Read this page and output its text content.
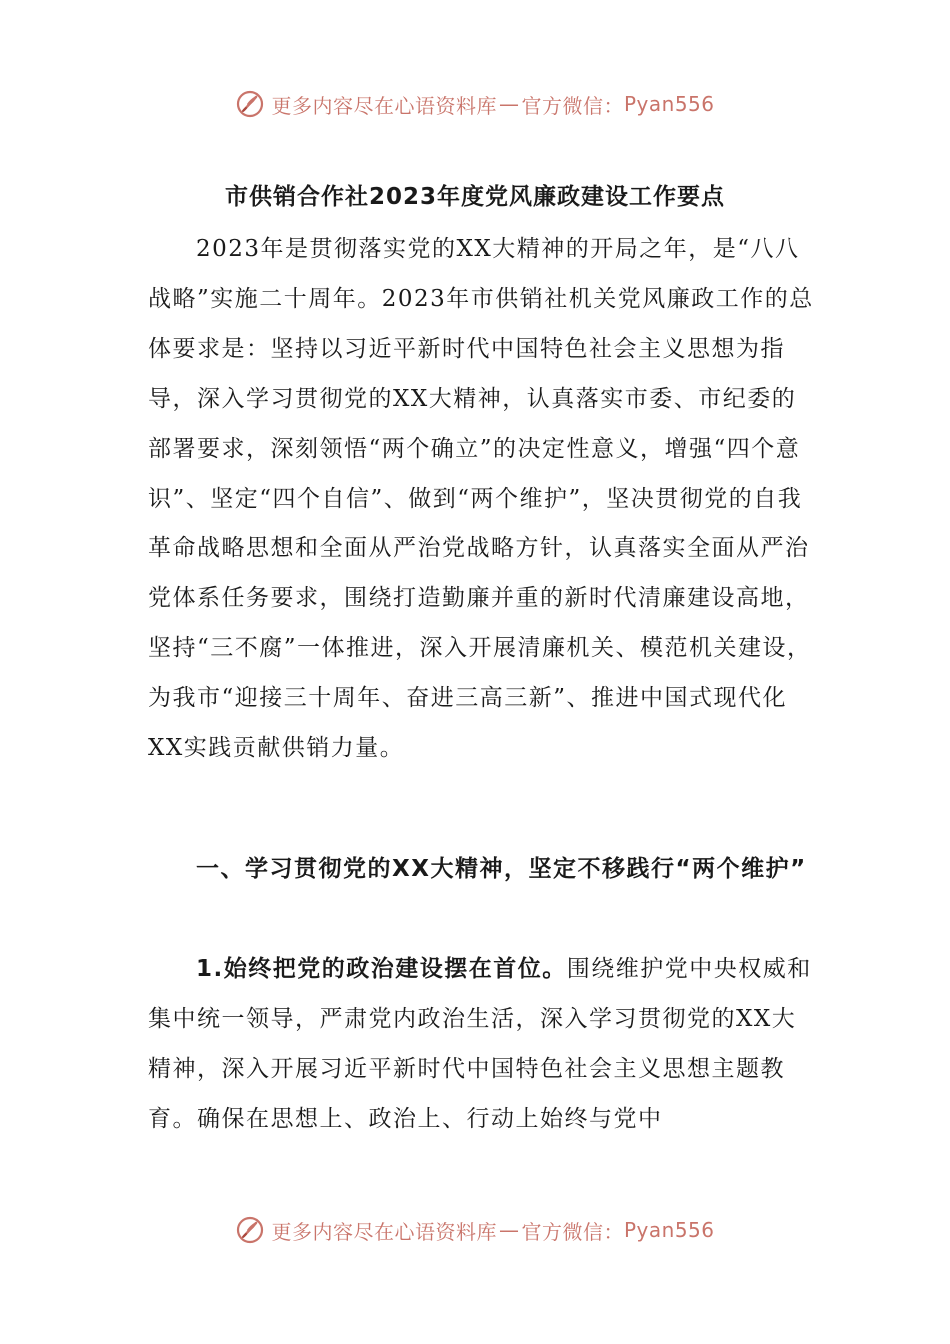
更多内容尽在心语资料库 — 官方微信： Pyan556
市供销合作社2023年度党风廉政建设工作要点
2023年是贯彻落实党的XX大精神的开局之年，是“八八战略”实施二十周年。2023年市供销社机关党风廉政工作的总体要求是：坚持以习近平新时代中国特色社会主义思想为指导，深入学习贯彻党的XX大精神，认真落实市委、市纪委的部署要求，深刻领悟“两个确立”的决定性意义，增强“四个意识”、坚定“四个自信”、做到“两个维护”，坚决贯彻党的自我革命战略思想和全面从严治党战略方针，认真落实全面从严治党体系任务要求，围绕打造勤廉并重的新时代清廉建设高地，坚持“三不腐”一体推进，深入开展清廉机关、模范机关建设，为我市“迎接三十周年、奋进三高三新”、推进中国式现代化XX实践贡献供销力量。
一、学习贯彻党的XX大精神，坚定不移践行“两个维护”
1.始终把党的政治建设摆在首位。围绕维护党中央权威和集中统一领导，严肃党内政治生活，深入学习贯彻党的XX大精神，深入开展习近平新时代中国特色社会主义思想主题教育。确保在思想上、政治上、行动上始终与党中
更多内容尽在心语资料库 — 官方微信： Pyan556
